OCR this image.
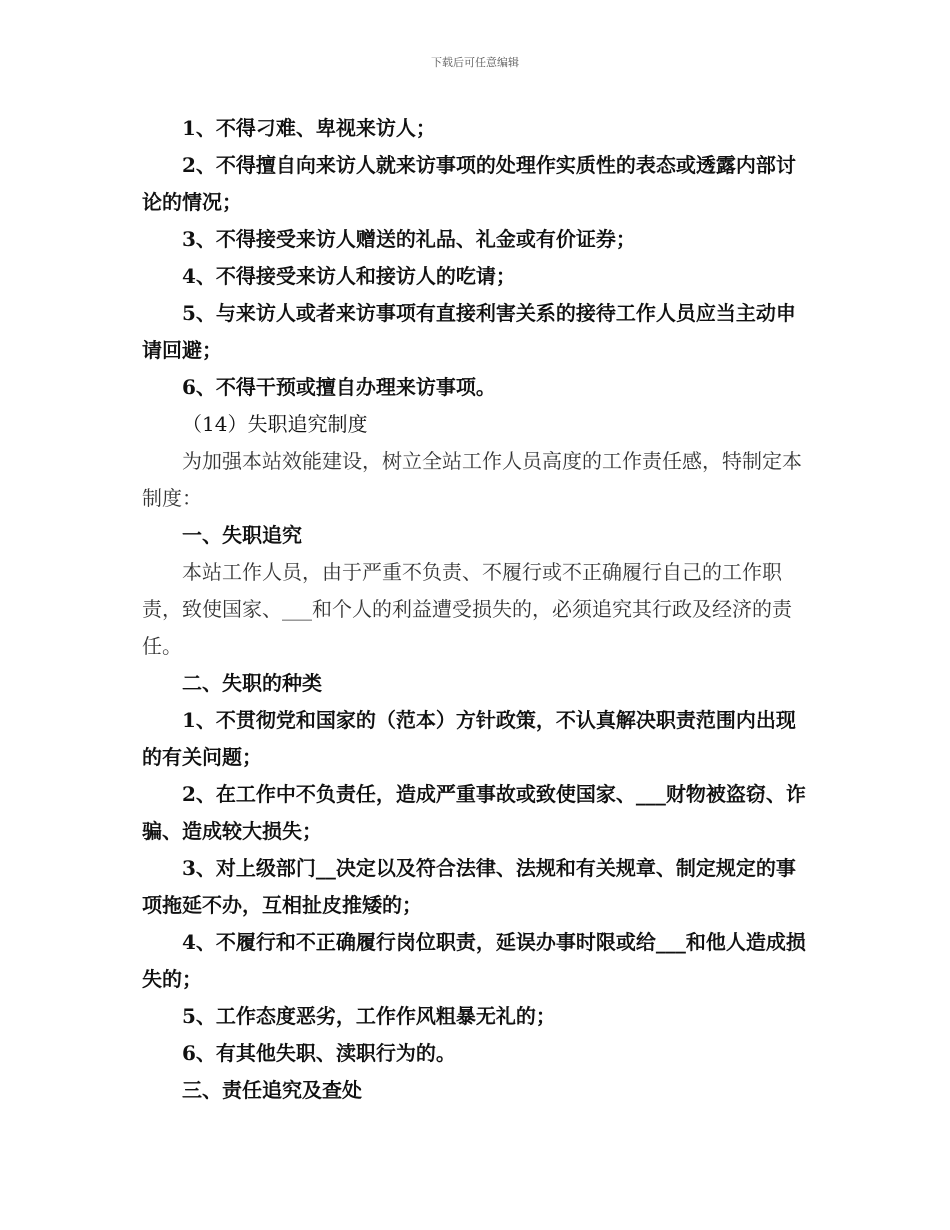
下载后可任意编辑

1、不得刁难、卑视来访人；

2、不得擅自向来访人就来访事项的处理作实质性的表态或透露内部讨论的情况；

3、不得接受来访人赠送的礼品、礼金或有价证券；

4、不得接受来访人和接访人的吃请；

5、与来访人或者来访事项有直接利害关系的接待工作人员应当主动申请回避；

6、不得干预或擅自办理来访事项。

（14）失职追究制度

为加强本站效能建设，树立全站工作人员高度的工作责任感，特制定本制度：

一、失职追究

本站工作人员，由于严重不负责、不履行或不正确履行自己的工作职责，致使国家、___和个人的利益遭受损失的，必须追究其行政及经济的责任。

二、失职的种类

1、不贯彻党和国家的（范本）方针政策，不认真解决职责范围内出现的有关问题；

2、在工作中不负责任，造成严重事故或致使国家、___财物被盗窃、诈骗、造成较大损失；

3、对上级部门__决定以及符合法律、法规和有关规章、制定规定的事项拖延不办，互相扯皮推矮的；

4、不履行和不正确履行岗位职责，延误办事时限或给___和他人造成损失的；

5、工作态度恶劣，工作作风粗暴无礼的；

6、有其他失职、渎职行为的。

三、责任追究及查处
